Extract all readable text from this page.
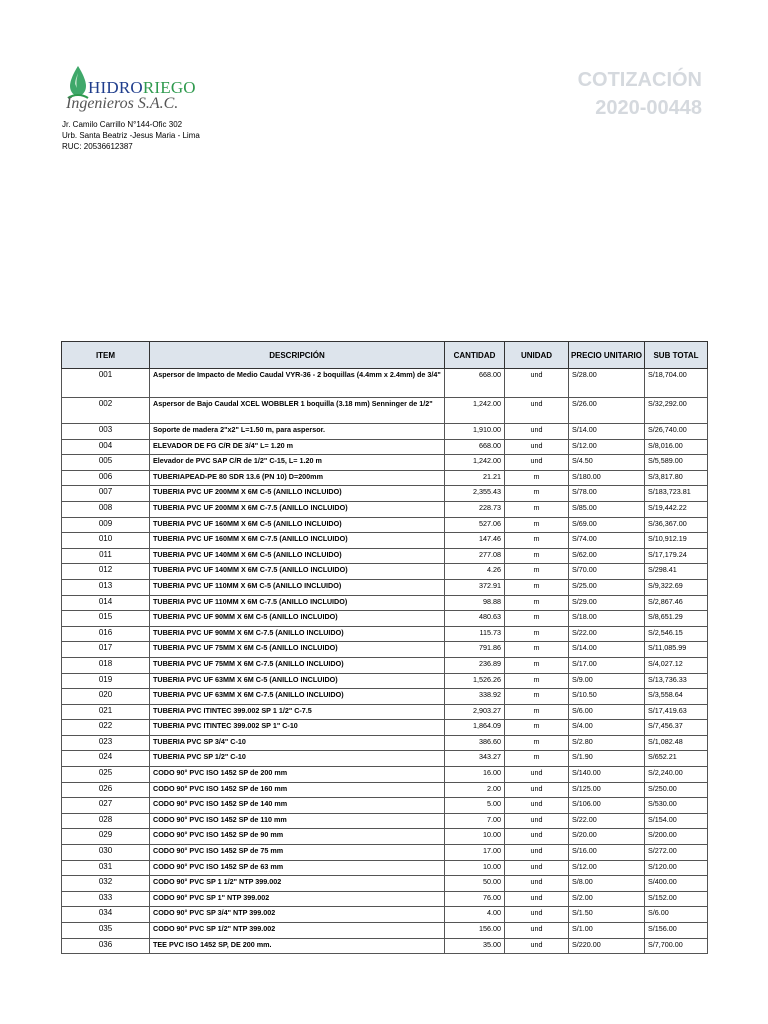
HIDRORIEGO
Ingenieros S.A.C.
Jr. Camilo Carrillo N°144-Ofic 302
Urb. Santa Beatriz -Jesus Maria - Lima
RUC: 20536612387
COTIZACIÓN
2020-00448
ITEM	DESCRIPCIÓN	CANTIDAD	UNIDAD	PRECIO UNITARIO	SUB TOTAL
001	Aspersor de Impacto de Medio Caudal VYR-36 - 2 boquillas (4.4mm x 2.4mm) de 3/4"	668.00	und	S/28.00	S/18,704.00
002	Aspersor de Bajo Caudal XCEL WOBBLER 1 boquilla (3.18 mm) Senninger de 1/2"	1,242.00	und	S/26.00	S/32,292.00
003	Soporte de madera 2"x2" L=1.50 m, para aspersor.	1,910.00	und	S/14.00	S/26,740.00
004	ELEVADOR DE FG C/R DE 3/4" L= 1.20 m	668.00	und	S/12.00	S/8,016.00
005	Elevador de PVC SAP C/R de 1/2" C-15, L= 1.20 m	1,242.00	und	S/4.50	S/5,589.00
006	TUBERIAPEAD-PE 80 SDR 13.6 (PN 10) D=200mm	21.21	m	S/180.00	S/3,817.80
007	TUBERIA PVC UF 200MM X 6M C-5 (ANILLO INCLUIDO)	2,355.43	m	S/78.00	S/183,723.81
008	TUBERIA PVC UF 200MM X 6M C-7.5 (ANILLO INCLUIDO)	228.73	m	S/85.00	S/19,442.22
009	TUBERIA PVC UF 160MM X 6M C-5 (ANILLO INCLUIDO)	527.06	m	S/69.00	S/36,367.00
010	TUBERIA PVC UF 160MM X 6M C-7.5 (ANILLO INCLUIDO)	147.46	m	S/74.00	S/10,912.19
011	TUBERIA PVC UF 140MM X 6M C-5 (ANILLO INCLUIDO)	277.08	m	S/62.00	S/17,179.24
012	TUBERIA PVC UF 140MM X 6M C-7.5 (ANILLO INCLUIDO)	4.26	m	S/70.00	S/298.41
013	TUBERIA PVC UF 110MM X 6M C-5 (ANILLO INCLUIDO)	372.91	m	S/25.00	S/9,322.69
014	TUBERIA PVC UF 110MM X 6M C-7.5 (ANILLO INCLUIDO)	98.88	m	S/29.00	S/2,867.46
015	TUBERIA PVC UF 90MM X 6M C-5 (ANILLO INCLUIDO)	480.63	m	S/18.00	S/8,651.29
016	TUBERIA PVC UF 90MM X 6M C-7.5 (ANILLO INCLUIDO)	115.73	m	S/22.00	S/2,546.15
017	TUBERIA PVC UF 75MM X 6M C-5 (ANILLO INCLUIDO)	791.86	m	S/14.00	S/11,085.99
018	TUBERIA PVC UF 75MM X 6M C-7.5 (ANILLO INCLUIDO)	236.89	m	S/17.00	S/4,027.12
019	TUBERIA PVC UF 63MM X 6M C-5 (ANILLO INCLUIDO)	1,526.26	m	S/9.00	S/13,736.33
020	TUBERIA PVC UF 63MM X 6M C-7.5 (ANILLO INCLUIDO)	338.92	m	S/10.50	S/3,558.64
021	TUBERIA PVC ITINTEC 399.002 SP 1 1/2" C-7.5	2,903.27	m	S/6.00	S/17,419.63
022	TUBERIA PVC ITINTEC 399.002 SP 1" C-10	1,864.09	m	S/4.00	S/7,456.37
023	TUBERIA PVC SP 3/4" C-10	386.60	m	S/2.80	S/1,082.48
024	TUBERIA PVC SP 1/2" C-10	343.27	m	S/1.90	S/652.21
025	CODO 90° PVC ISO 1452 SP de 200 mm	16.00	und	S/140.00	S/2,240.00
026	CODO 90° PVC ISO 1452 SP de 160 mm	2.00	und	S/125.00	S/250.00
027	CODO 90° PVC ISO 1452 SP de 140 mm	5.00	und	S/106.00	S/530.00
028	CODO 90° PVC ISO 1452 SP de 110 mm	7.00	und	S/22.00	S/154.00
029	CODO 90° PVC ISO 1452 SP de 90 mm	10.00	und	S/20.00	S/200.00
030	CODO 90° PVC ISO 1452 SP de 75 mm	17.00	und	S/16.00	S/272.00
031	CODO 90° PVC ISO 1452 SP de 63 mm	10.00	und	S/12.00	S/120.00
032	CODO 90° PVC SP 1 1/2" NTP 399.002	50.00	und	S/8.00	S/400.00
033	CODO 90° PVC SP 1" NTP 399.002	76.00	und	S/2.00	S/152.00
034	CODO 90° PVC SP 3/4" NTP 399.002	4.00	und	S/1.50	S/6.00
035	CODO 90° PVC SP 1/2" NTP 399.002	156.00	und	S/1.00	S/156.00
036	TEE PVC ISO 1452 SP, DE 200 mm.	35.00	und	S/220.00	S/7,700.00
